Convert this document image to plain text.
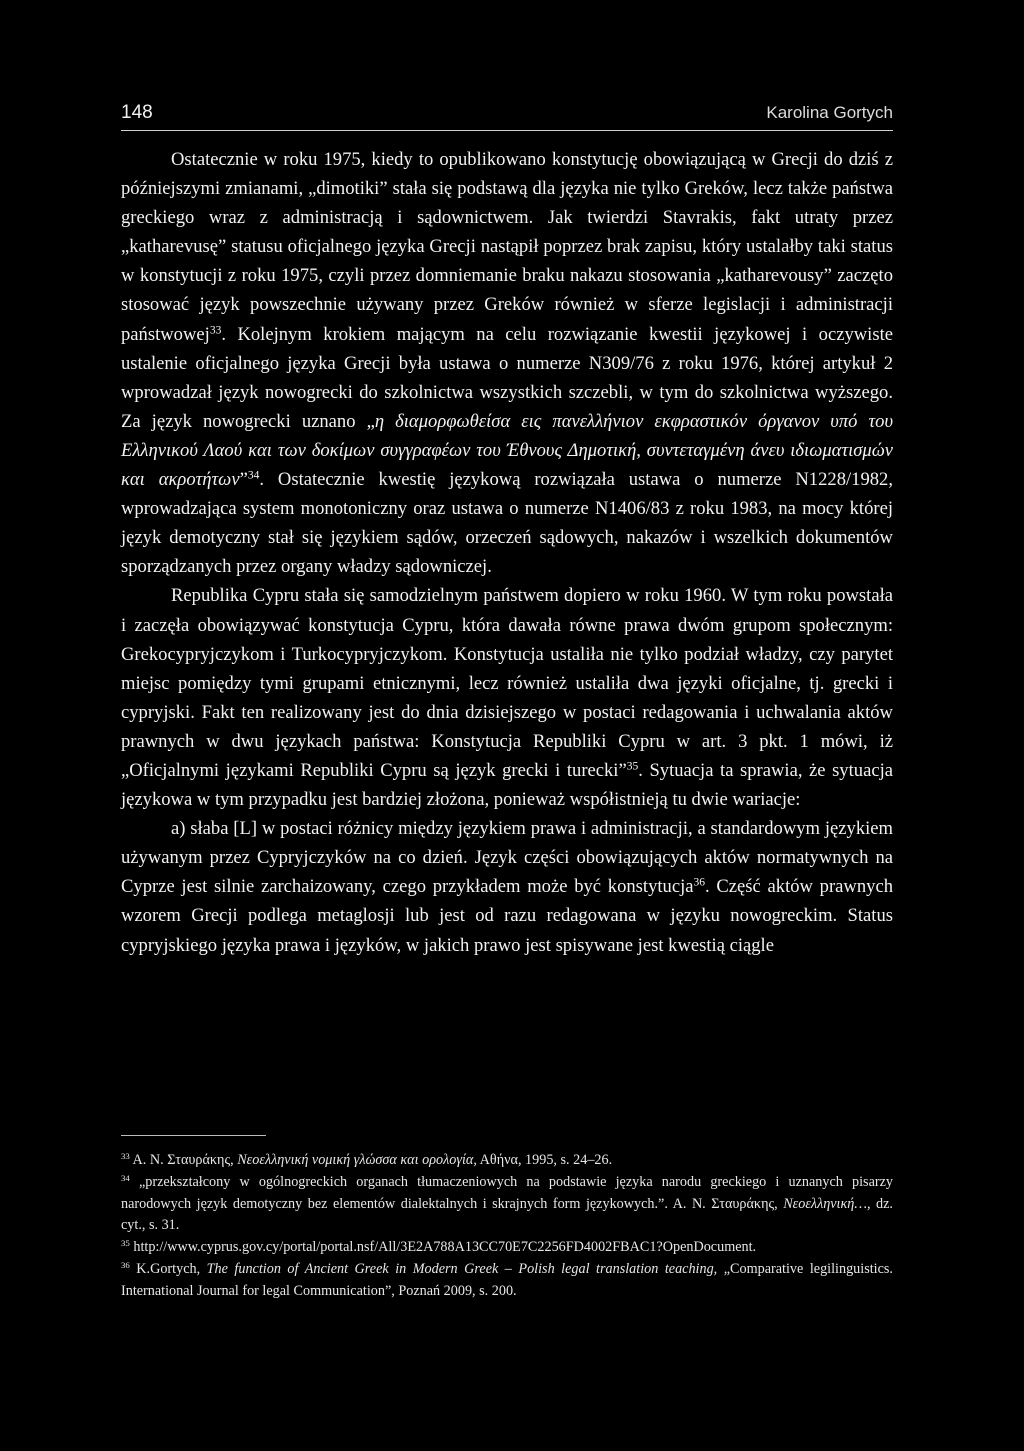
148	Karolina Gortych

Ostatecznie w roku 1975, kiedy to opublikowano konstytucję obowiązującą w Grecji do dziś z późniejszymi zmianami, „dimotiki” stała się podstawą dla języka nie tylko Greków, lecz także państwa greckiego wraz z administracją i sądownictwem. Jak twierdzi Stavrakis, fakt utraty przez „katharevusę” statusu oficjalnego języka Grecji nastąpił poprzez brak zapisu, który ustalałby taki status w konstytucji z roku 1975, czyli przez domniemanie braku nakazu stosowania „katharevousy” zaczęto stosować język powszechnie używany przez Greków również w sferze legislacji i administracji państwowej$^{33}$. Kolejnym krokiem mającym na celu rozwiązanie kwestii językowej i oczywiste ustalenie oficjalnego języka Grecji była ustawa o numerze N309/76 z roku 1976, której artykuł 2 wprowadzał język nowogrecki do szkolnictwa wszystkich szczebli, w tym do szkolnictwa wyższego. Za język nowogrecki uznano „η διαμορφωθείσα εις πανελλήνιον εκφραστικόν όργανον υπό του Ελληνικού Λαού και των δοκίμων συγγραφέων του Έθνους Δημοτική, συντεταγμένη άνευ ιδιωματισμών και ακροτήτων”$^{34}$. Ostatecznie kwestię językową rozwiązała ustawa o numerze N1228/1982, wprowadzająca system monotoniczny oraz ustawa o numerze N1406/83 z roku 1983, na mocy której język demotyczny stał się językiem sądów, orzeczeń sądowych, nakazów i wszelkich dokumentów sporządzanych przez organy władzy sądowniczej.

Republika Cypru stała się samodzielnym państwem dopiero w roku 1960. W tym roku powstała i zaczęła obowiązywać konstytucja Cypru, która dawała równe prawa dwóm grupom społecznym: Grekocypryjczykom i Turkocypryjczykom. Konstytucja ustaliła nie tylko podział władzy, czy parytet miejsc pomiędzy tymi grupami etnicznymi, lecz również ustaliła dwa języki oficjalne, tj. grecki i cypryjski. Fakt ten realizowany jest do dnia dzisiejszego w postaci redagowania i uchwalania aktów prawnych w dwu językach państwa: Konstytucja Republiki Cypru w art. 3 pkt. 1 mówi, iż „Oficjalnymi językami Republiki Cypru są język grecki i turecki”$^{35}$. Sytuacja ta sprawia, że sytuacja językowa w tym przypadku jest bardziej złożona, ponieważ współistnieją tu dwie wariacje:

a) słaba [L] w postaci różnicy między językiem prawa i administracji, a standardowym językiem używanym przez Cypryjczyków na co dzień. Język części obowiązujących aktów normatywnych na Cyprze jest silnie zarchaizowany, czego przykładem może być konstytucja$^{36}$. Część aktów prawnych wzorem Grecji podlega metaglosji lub jest od razu redagowana w języku nowogreckim. Status cypryjskiego języka prawa i języków, w jakich prawo jest spisywane jest kwestią ciągle

$^{33}$ A. N. Σταυράκης, Νεοελληνική νομική γλώσσα και ορολογία, Αθήνα, 1995, s. 24–26.

$^{34}$ „przekształcony w ogólnogreckich organach tłumaczeniowych na podstawie języka narodu greckiego i uznanych pisarzy narodowych język demotyczny bez elementów dialektalnych i skrajnych form językowych.”. A. N. Σταυράκης, Νεοελληνική…, dz. cyt., s. 31.

$^{35}$ http://www.cyprus.gov.cy/portal/portal.nsf/All/3E2A788A13CC70E7C2256FD4002FBAC1?OpenDocument.

$^{36}$ K.Gortych, The function of Ancient Greek in Modern Greek – Polish legal translation teaching, „Comparative legilinguistics. International Journal for legal Communication”, Poznań 2009, s. 200.
